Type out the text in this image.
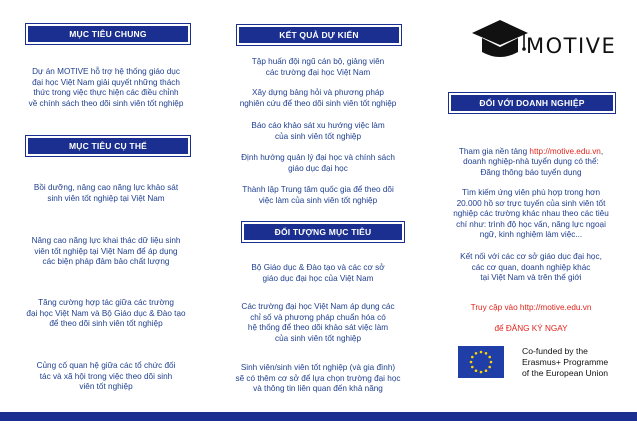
MỤC TIÊU CHUNG
Dự án MOTIVE hỗ trợ hệ thống giáo dục
đại học Việt Nam giải quyết những thách
thức trong việc thực hiện các điều chỉnh
về chính sách theo dõi sinh viên tốt nghiệp
MỤC TIÊU CỤ THỂ
Bồi dưỡng, nâng cao năng lực khảo sát
sinh viên tốt nghiệp tại Việt Nam
Nâng cao năng lực khai thác dữ liệu sinh
viên tốt nghiệp tại Việt Nam để áp dụng
các biện pháp đảm bảo chất lượng
Tăng cường hợp tác giữa các trường
đại học Việt Nam và Bộ Giáo dục & Đào tạo
để theo dõi sinh viên tốt nghiệp
Củng cố quan hệ giữa các tổ chức đối
tác và xã hội trong việc theo dõi sinh
viên tốt nghiệp
KẾT QUẢ DỰ KIẾN
Tập huấn đội ngũ cán bộ, giảng viên
các trường đại học Việt Nam
Xây dựng bảng hỏi và phương pháp
nghiên cứu để theo dõi sinh viên tốt nghiệp
Báo cáo khảo sát xu hướng việc làm
của sinh viên tốt nghiệp
Định hướng quản lý đại học và chính sách
giáo dục đại học
Thành lập Trung tâm quốc gia để theo dõi
việc làm của sinh viên tốt nghiệp
ĐỐI TƯỢNG MỤC TIÊU
Bộ Giáo dục & Đào tạo và các cơ sở
giáo dục đại học của Việt Nam
Các trường đại học Việt Nam áp dụng các
chỉ số và phương pháp chuẩn hóa có
hệ thống để theo dõi khảo sát việc làm
của sinh viên tốt nghiệp
Sinh viên/sinh viên tốt nghiệp (và gia đình)
sẽ có thêm cơ sở để lựa chọn trường đại học
và thông tin liên quan đến khả năng
MOTIVE
ĐỐI VỚI DOANH NGHIỆP

Tham gia nền tảng http://motive.edu.vn,
doanh nghiệp-nhà tuyển dụng có thể:

Đăng thông báo tuyển dụng
Tìm kiếm ứng viên phù hợp trong hơn
20.000 hồ sơ trực tuyến của sinh viên tốt
nghiệp các trường khác nhau theo các tiêu
chí như: trình độ học vấn, năng lực ngoại
ngữ, kinh nghiệm làm việc...
Kết nối với các cơ sở giáo dục đại học,
các cơ quan, doanh nghiệp khác
tại Việt Nam và trên thế giới

Truy cập vào http://motive.edu.vn

để ĐĂNG KÝ NGAY

Co-funded by the
Erasmus+ Programme
of the European Union
